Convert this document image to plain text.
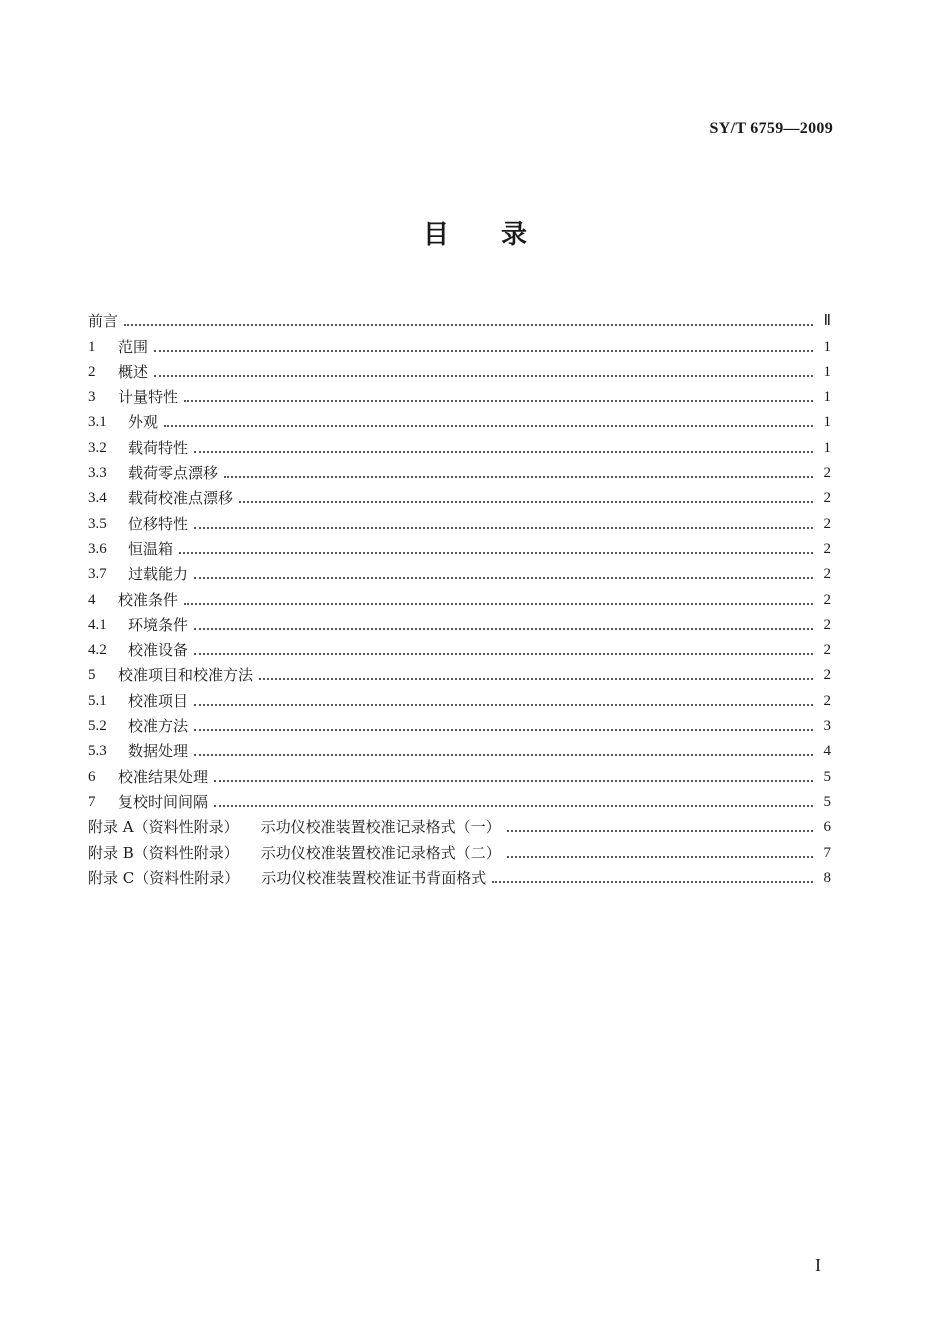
SY/T 6759—2009
目 录
前言	Ⅱ
1	范围	1
2	概述	1
3	计量特性	1
3.1	外观	1
3.2	载荷特性	1
3.3	载荷零点漂移	2
3.4	载荷校准点漂移	2
3.5	位移特性	2
3.6	恒温箱	2
3.7	过载能力	2
4	校准条件	2
4.1	环境条件	2
4.2	校准设备	2
5	校准项目和校准方法	2
5.1	校准项目	2
5.2	校准方法	3
5.3	数据处理	4
6	校准结果处理	5
7	复校时间间隔	5
附录 A（资料性附录） 示功仪校准装置校准记录格式（一）	6
附录 B（资料性附录） 示功仪校准装置校准记录格式（二）	7
附录 C（资料性附录） 示功仪校准装置校准证书背面格式	8
I
